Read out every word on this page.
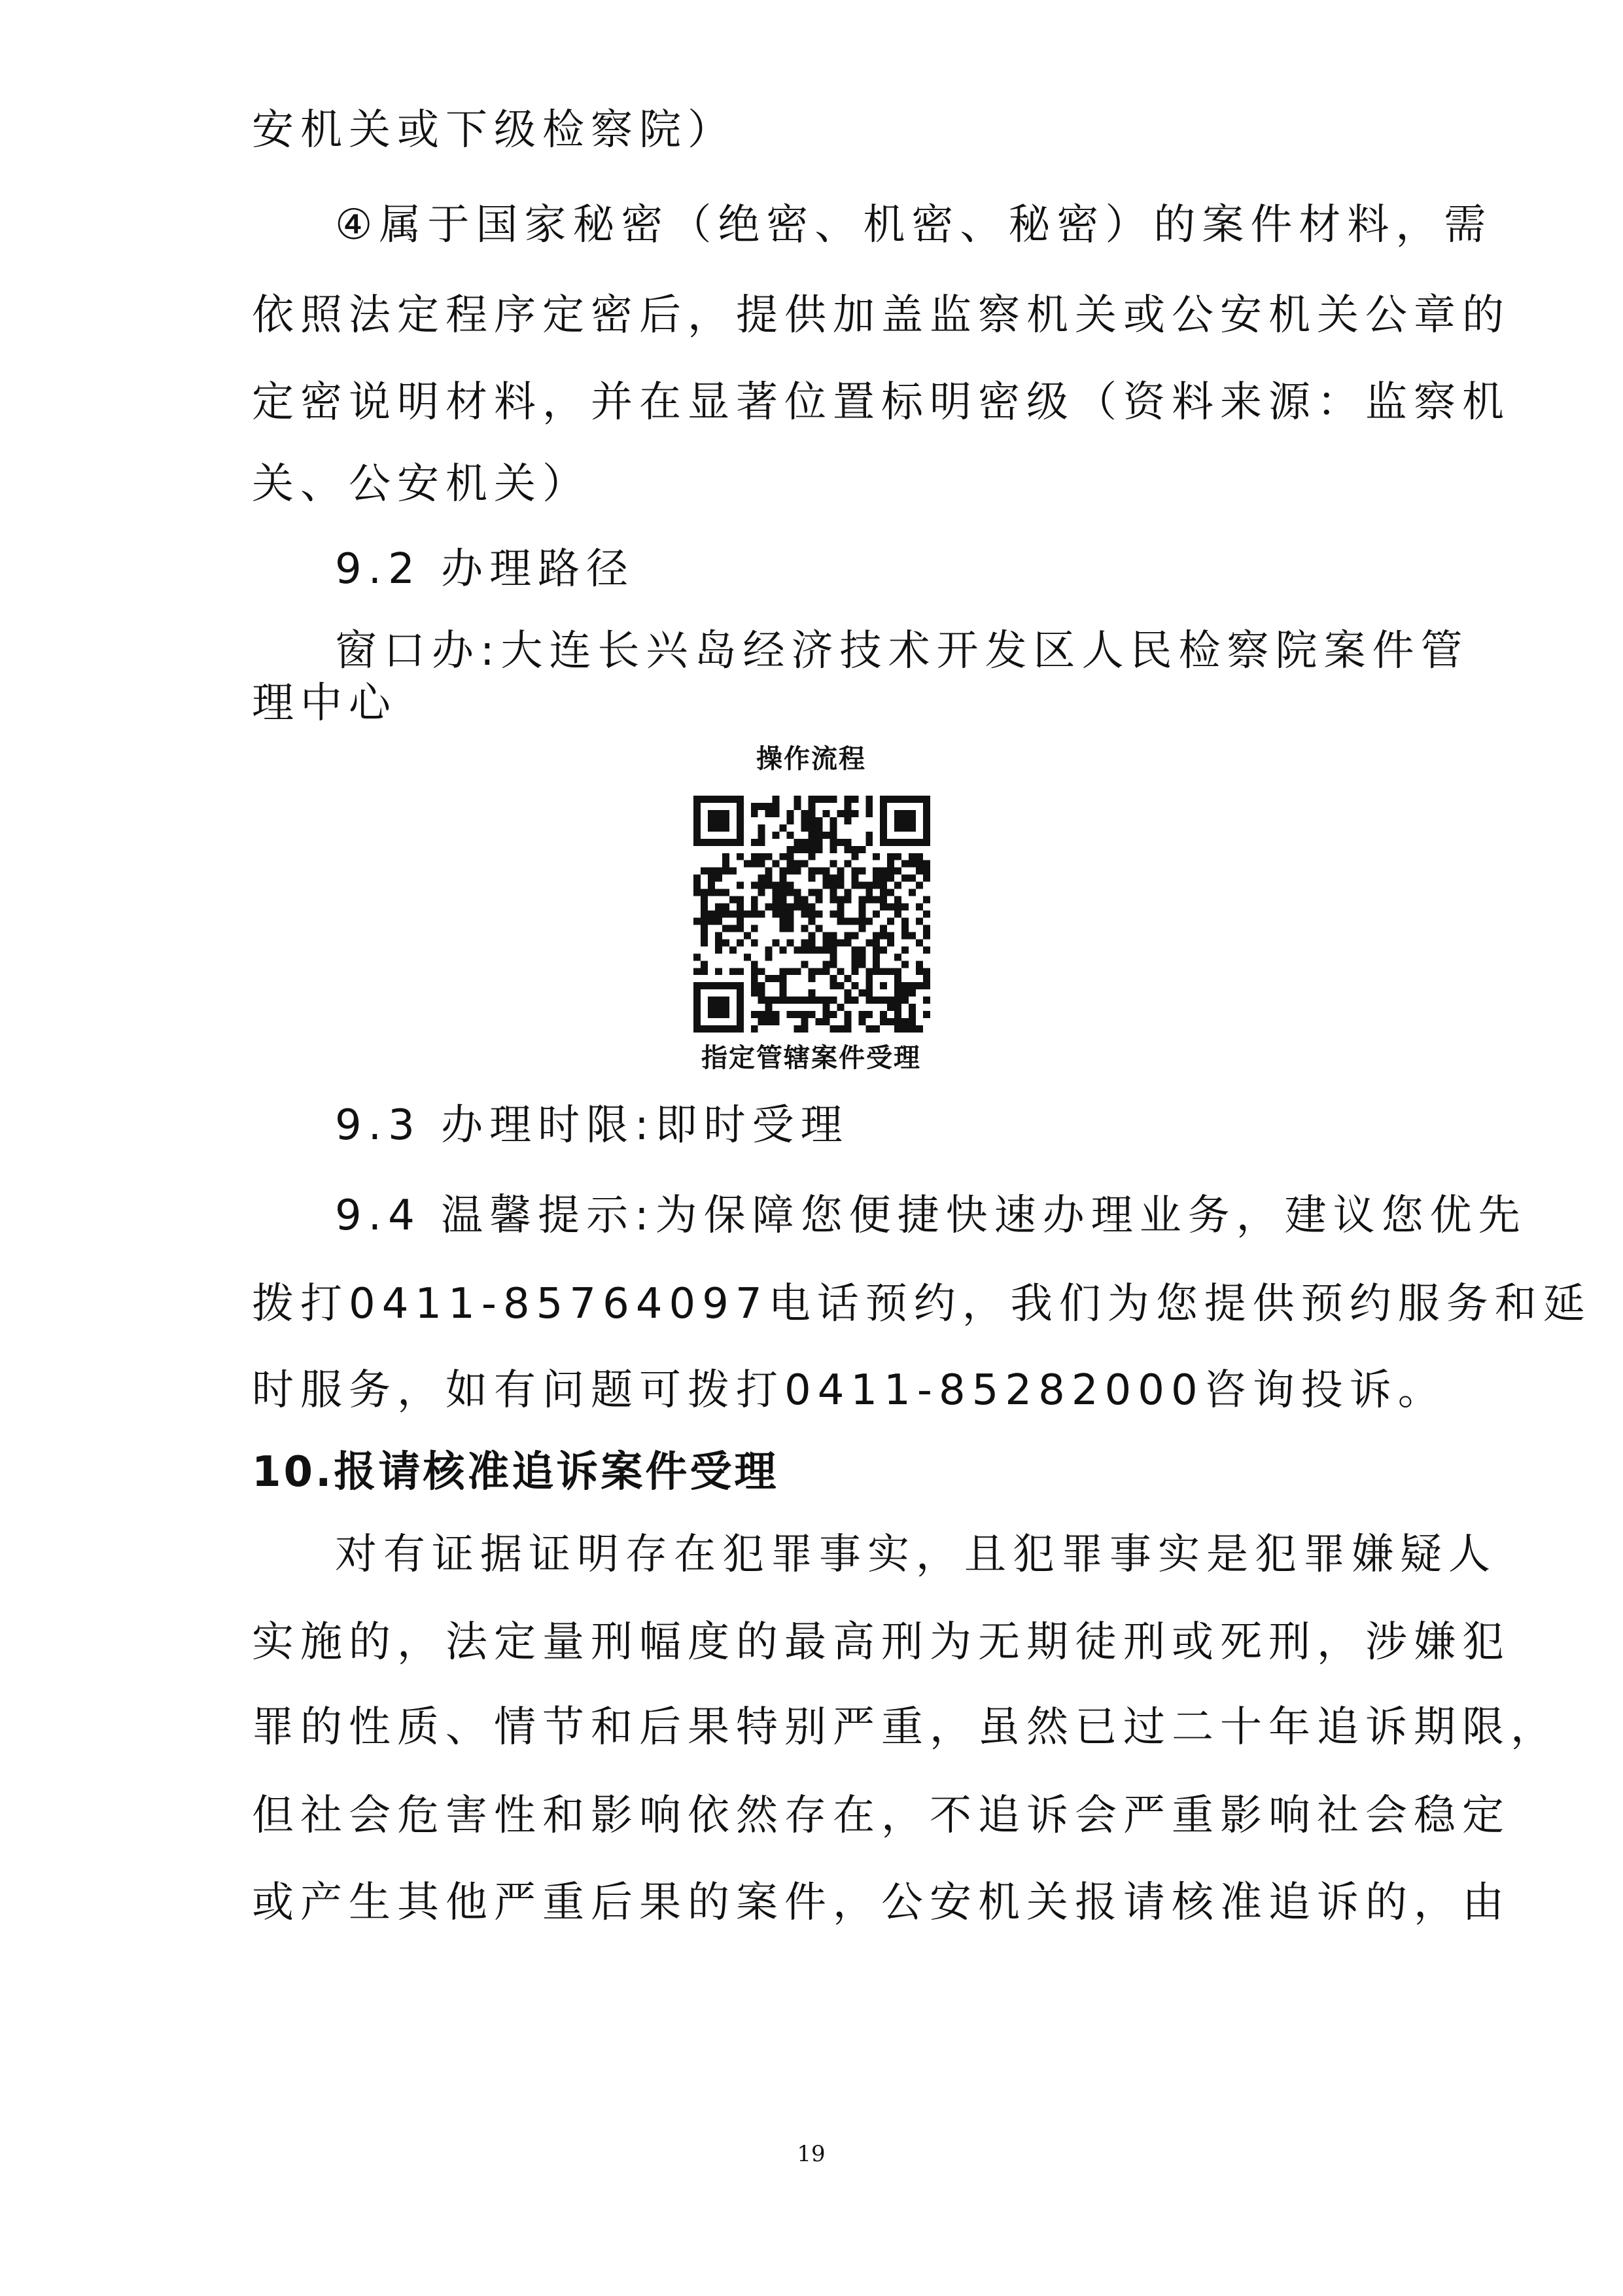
安机关或下级检察院）
④属于国家秘密（绝密、机密、秘密）的案件材料，需
依照法定程序定密后，提供加盖监察机关或公安机关公章的
定密说明材料，并在显著位置标明密级（资料来源：监察机
关、公安机关）
9.2 办理路径
窗口办:大连长兴岛经济技术开发区人民检察院案件管
理中心
操作流程
指定管辖案件受理
9.3 办理时限:即时受理
9.4 温馨提示:为保障您便捷快速办理业务，建议您优先
拨打0411-85764097电话预约，我们为您提供预约服务和延
时服务，如有问题可拨打0411-85282000咨询投诉。
10.报请核准追诉案件受理
对有证据证明存在犯罪事实，且犯罪事实是犯罪嫌疑人
实施的，法定量刑幅度的最高刑为无期徒刑或死刑，涉嫌犯
罪的性质、情节和后果特别严重，虽然已过二十年追诉期限，
但社会危害性和影响依然存在，不追诉会严重影响社会稳定
或产生其他严重后果的案件，公安机关报请核准追诉的，由
19
